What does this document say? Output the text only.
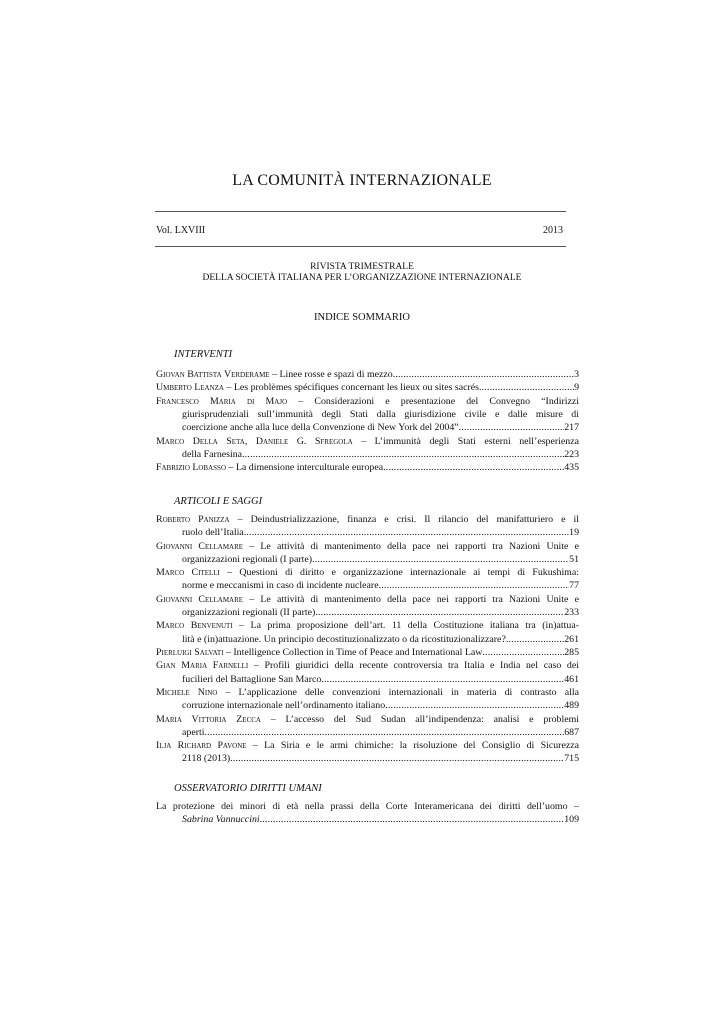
LA COMUNITÀ INTERNAZIONALE
Vol. LXVIII	2013
RIVISTA TRIMESTRALE
DELLA SOCIETÀ ITALIANA PER L’ORGANIZZAZIONE INTERNAZIONALE
INDICE SOMMARIO
INTERVENTI
ARTICOLI E SAGGI
OSSERVATORIO DIRITTI UMANI
Giovan Battista Verderame – Linee rosse e spazi di mezzo .....	3
Umberto Leanza – Les problèmes spécifiques concernant les lieux ou sites sacrés .....	9
Francesco Maria di Majo – Considerazioni e presentazione del Convegno “Indirizzi
giurisprudenziali sull’immunità degli Stati dalla giurisdizione civile e dalle misure di
coercizione anche alla luce della Convenzione di New York del 2004” .....	217
Marco Della Seta, Daniele G. Sfregola – L’immunità degli Stati esterni nell’esperienza
della Farnesina .....	223
Fabrizio Lobasso – La dimensione interculturale europea .....	435
Roberto Panizza – Deindustrializzazione, finanza e crisi. Il rilancio del manifatturiero e il
ruolo dell’Italia .....	19
Giovanni Cellamare – Le attività di mantenimento della pace nei rapporti tra Nazioni Unite e
organizzazioni regionali (I parte) .....	51
Marco Citelli – Questioni di diritto e organizzazione internazionale ai tempi di Fukushima:
norme e meccanismi in caso di incidente nucleare .....	77
Giovanni Cellamare – Le attività di mantenimento della pace nei rapporti tra Nazioni Unite e
organizzazioni regionali (II parte) .....	233
Marco Benvenuti – La prima proposizione dell’art. 11 della Costituzione italiana tra (in)attua-
lità e (in)attuazione. Un principio decostituzionalizzato o da ricostituzionalizzare? .....	261
Pierluigi Salvati – Intelligence Collection in Time of Peace and International Law .....	285
Gian Maria Farnelli – Profili giuridici della recente controversia tra Italia e India nel caso dei
fucilieri del Battaglione San Marco .....	461
Michele Nino – L’applicazione delle convenzioni internazionali in materia di contrasto alla
corruzione internazionale nell’ordinamento italiano .....	489
Maria Vittoria Zecca – L’accesso del Sud Sudan all’indipendenza: analisi e problemi
aperti .....	687
Ilja Richard Pavone – La Siria e le armi chimiche: la risoluzione del Consiglio di Sicurezza
2118 (2013) .....	715
La protezione dei minori di età nella prassi della Corte Interamericana dei diritti dell’uomo –
Sabrina Vannuccini .....	109
